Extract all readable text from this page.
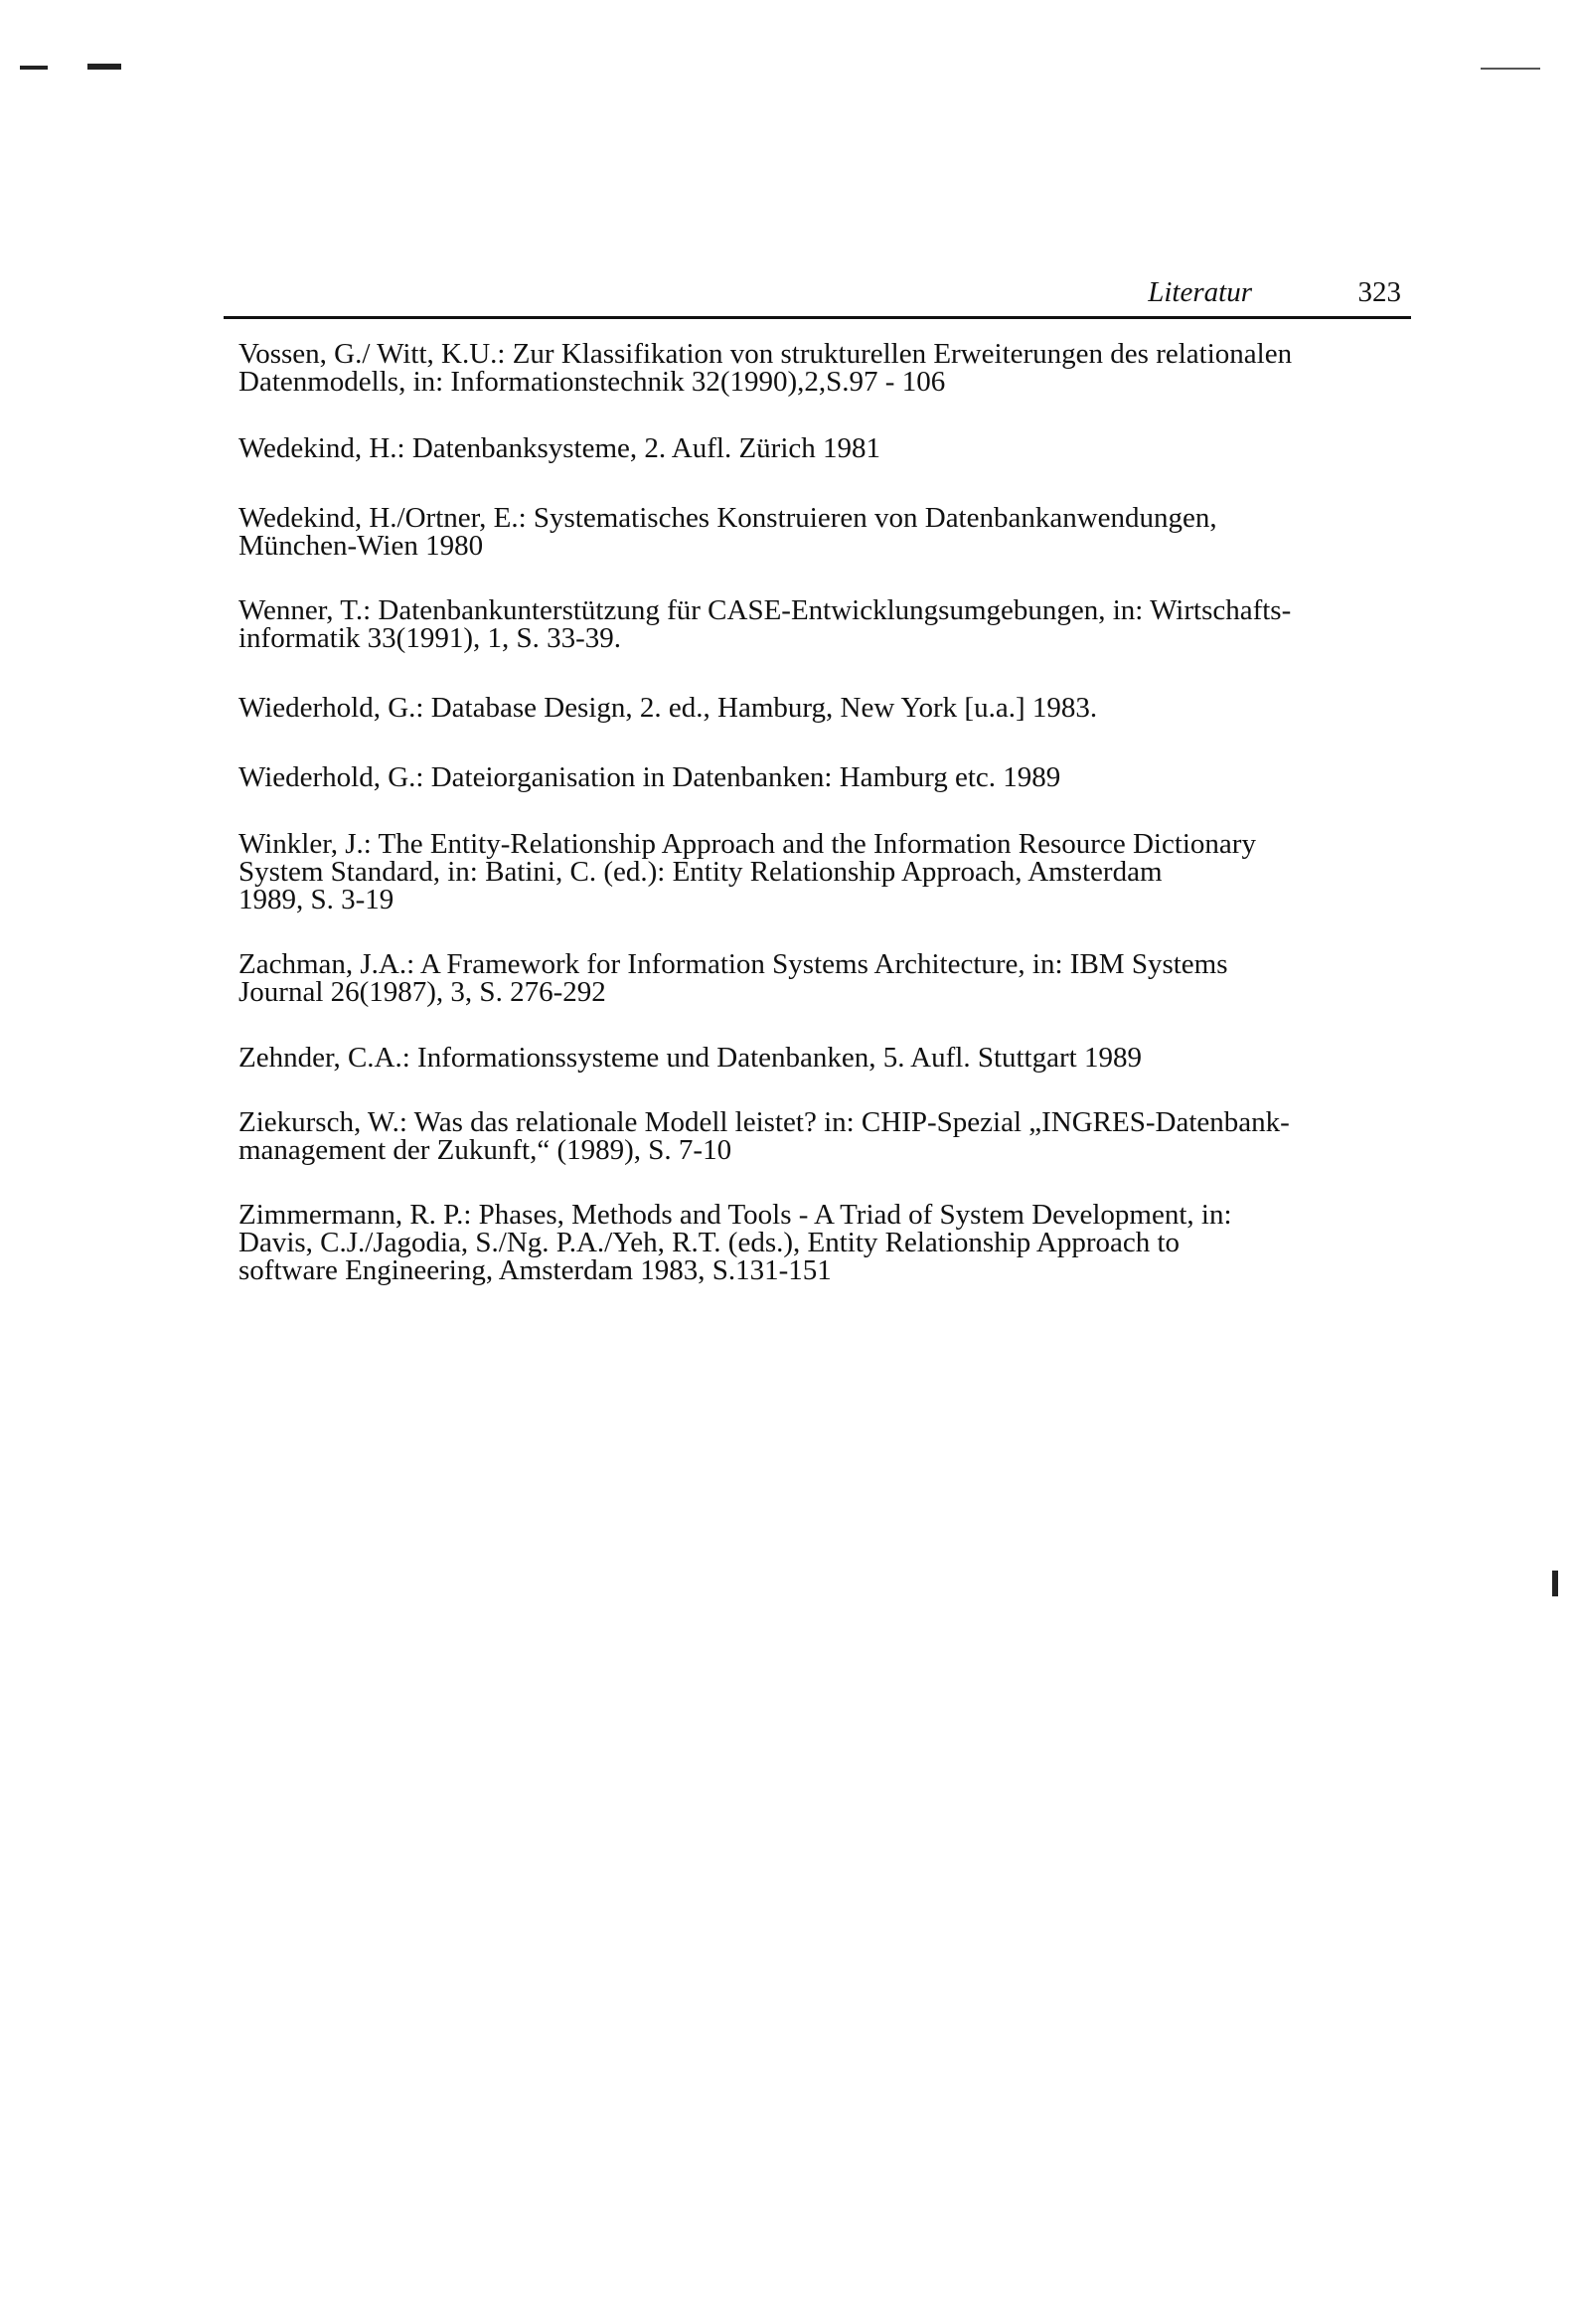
Literatur	323

Vossen, G./ Witt, K.U.: Zur Klassifikation von strukturellen Erweiterungen des relationalen
Datenmodells, in: Informationstechnik 32(1990),2,S.97 - 106

Wedekind, H.: Datenbanksysteme, 2. Aufl. Zürich 1981

Wedekind, H./Ortner, E.: Systematisches Konstruieren von Datenbankanwendungen,
München-Wien 1980

Wenner, T.: Datenbankunterstützung für CASE-Entwicklungsumgebungen, in: Wirtschafts-
informatik 33(1991), 1, S. 33-39.

Wiederhold, G.: Database Design, 2. ed., Hamburg, New York [u.a.] 1983.

Wiederhold, G.: Dateiorganisation in Datenbanken: Hamburg etc. 1989

Winkler, J.: The Entity-Relationship Approach and the Information Resource Dictionary
System Standard, in: Batini, C. (ed.): Entity Relationship Approach, Amsterdam
1989, S. 3-19

Zachman, J.A.: A Framework for Information Systems Architecture, in: IBM Systems
Journal 26(1987), 3, S. 276-292

Zehnder, C.A.: Informationssysteme und Datenbanken, 5. Aufl. Stuttgart 1989

Ziekursch, W.: Was das relationale Modell leistet? in: CHIP-Spezial „INGRES-Datenbank-
management der Zukunft,“ (1989), S. 7-10

Zimmermann, R. P.: Phases, Methods and Tools - A Triad of System Development, in:
Davis, C.J./Jagodia, S./Ng. P.A./Yeh, R.T. (eds.), Entity Relationship Approach to
software Engineering, Amsterdam 1983, S.131-151
